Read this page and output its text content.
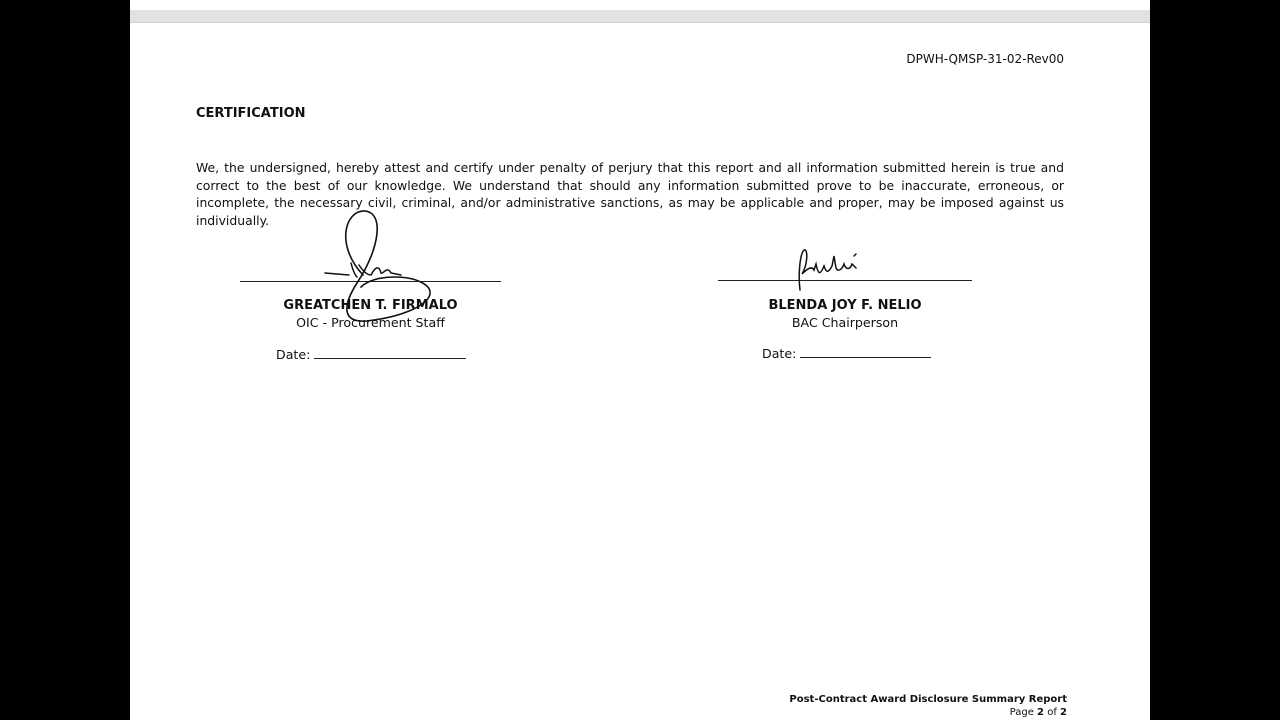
DPWH-QMSP-31-02-Rev00
CERTIFICATION

We, the undersigned, hereby attest and certify under penalty of perjury that this report and all information submitted herein is true and correct to the best of our knowledge. We understand that should any information submitted prove to be inaccurate, erroneous, or incomplete, the necessary civil, criminal, and/or administrative sanctions, as may be applicable and proper, may be imposed against us individually.

GREATCHEN T. FIRMALO
OIC - Procurement Staff
Date:
BLENDA JOY F. NELIO
BAC Chairperson
Date:
Post-Contract Award Disclosure Summary Report
Page 2 of 2
